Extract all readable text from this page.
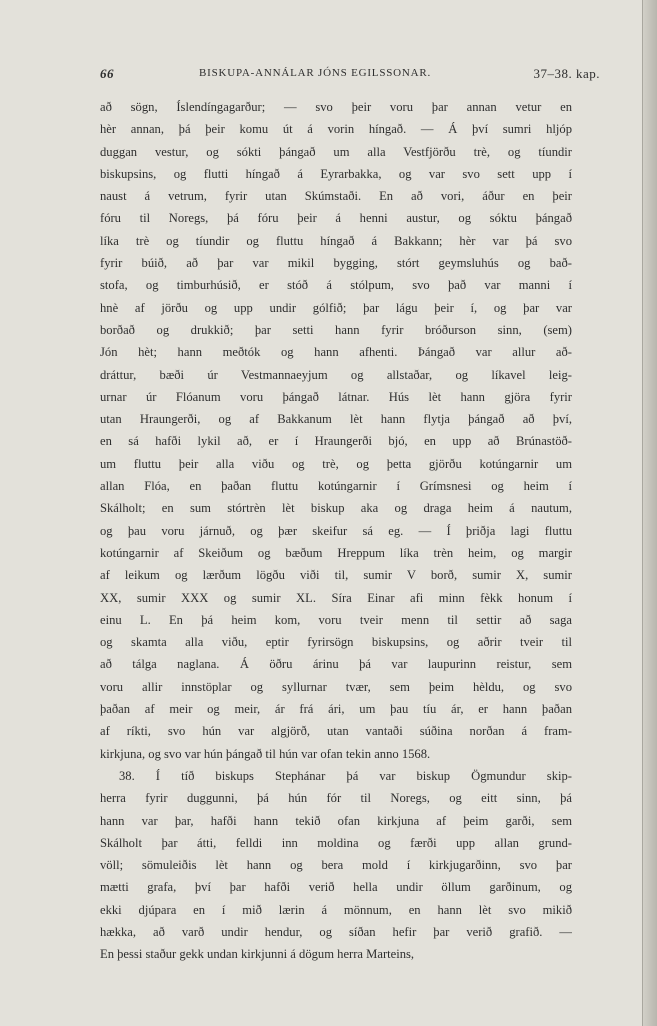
66	BISKUPA-ANNÁLAR JÓNS EGILSSONAR.	37–38. kap.
að sögn, Íslendíngagarður; — svo þeir voru þar annan vetur en
hèr annan, þá þeir komu út á vorin híngað. — Á því sumri hljóp
duggan vestur, og sókti þángað um alla Vestfjörðu trè, og tíundir
biskupsins, og flutti híngað á Eyrarbakka, og var svo sett upp í
naust á vetrum, fyrir utan Skúmstaði. En að vori, áður en þeir
fóru til Noregs, þá fóru þeir á henni austur, og sóktu þángað
líka trè og tíundir og fluttu híngað á Bakkann; hèr var þá svo
fyrir búið, að þar var mikil bygging, stórt geymsluhús og bað-
stofa, og timburhúsið, er stóð á stólpum, svo það var manni í
hnè af jörðu og upp undir gólfið; þar lágu þeir í, og þar var
borðað og drukkið; þar setti hann fyrir bróðurson sinn, (sem)
Jón hèt; hann meðtók og hann afhenti. Þángað var allur að-
dráttur, bæði úr Vestmannaeyjum og allstaðar, og líkavel leig-
urnar úr Flóanum voru þángað látnar. Hús lèt hann gjöra fyrir
utan Hraungerði, og af Bakkanum lèt hann flytja þángað að því,
en sá hafði lykil að, er í Hraungerði bjó, en upp að Brúnastöð-
um fluttu þeir alla viðu og trè, og þetta gjörðu kotúngarnir um
allan Flóa, en þaðan fluttu kotúngarnir í Grímsnesi og heim í
Skálholt; en sum stórtrèn lèt biskup aka og draga heim á nautum,
og þau voru járnuð, og þær skeifur sá eg. — Í þriðja lagi fluttu
kotúngarnir af Skeiðum og bæðum Hreppum líka trèn heim, og margir
af leikum og lærðum lögðu viði til, sumir V borð, sumir X, sumir
XX, sumir XXX og sumir XL. Síra Einar afi minn fèkk honum í
einu L. En þá heim kom, voru tveir menn til settir að saga
og skamta alla viðu, eptir fyrirsögn biskupsins, og aðrir tveir til
að tálga naglana. Á öðru árinu þá var laupurinn reistur, sem
voru allir innstöplar og syllurnar tvær, sem þeim hèldu, og svo
þaðan af meir og meir, ár frá ári, um þau tíu ár, er hann þaðan
af ríkti, svo hún var algjörð, utan vantaði súðina norðan á fram-
kirkjuna, og svo var hún þángað til hún var ofan tekin anno 1568.
38. Í tíð biskups Stephánar þá var biskup Ögmundur skip-
herra fyrir duggunni, þá hún fór til Noregs, og eitt sinn, þá
hann var þar, hafði hann tekið ofan kirkjuna af þeim garði, sem
Skálholt þar átti, felldi inn moldina og færði upp allan grund-
völl; sömuleiðis lèt hann og bera mold í kirkjugarðinn, svo þar
mætti grafa, því þar hafði verið hella undir öllum garðinum, og
ekki djúpara en í mið lærin á mönnum, en hann lèt svo mikið
hækka, að varð undir hendur, og síðan hefir þar verið grafið. —
En þessi staður gekk undan kirkjunni á dögum herra Marteins,
